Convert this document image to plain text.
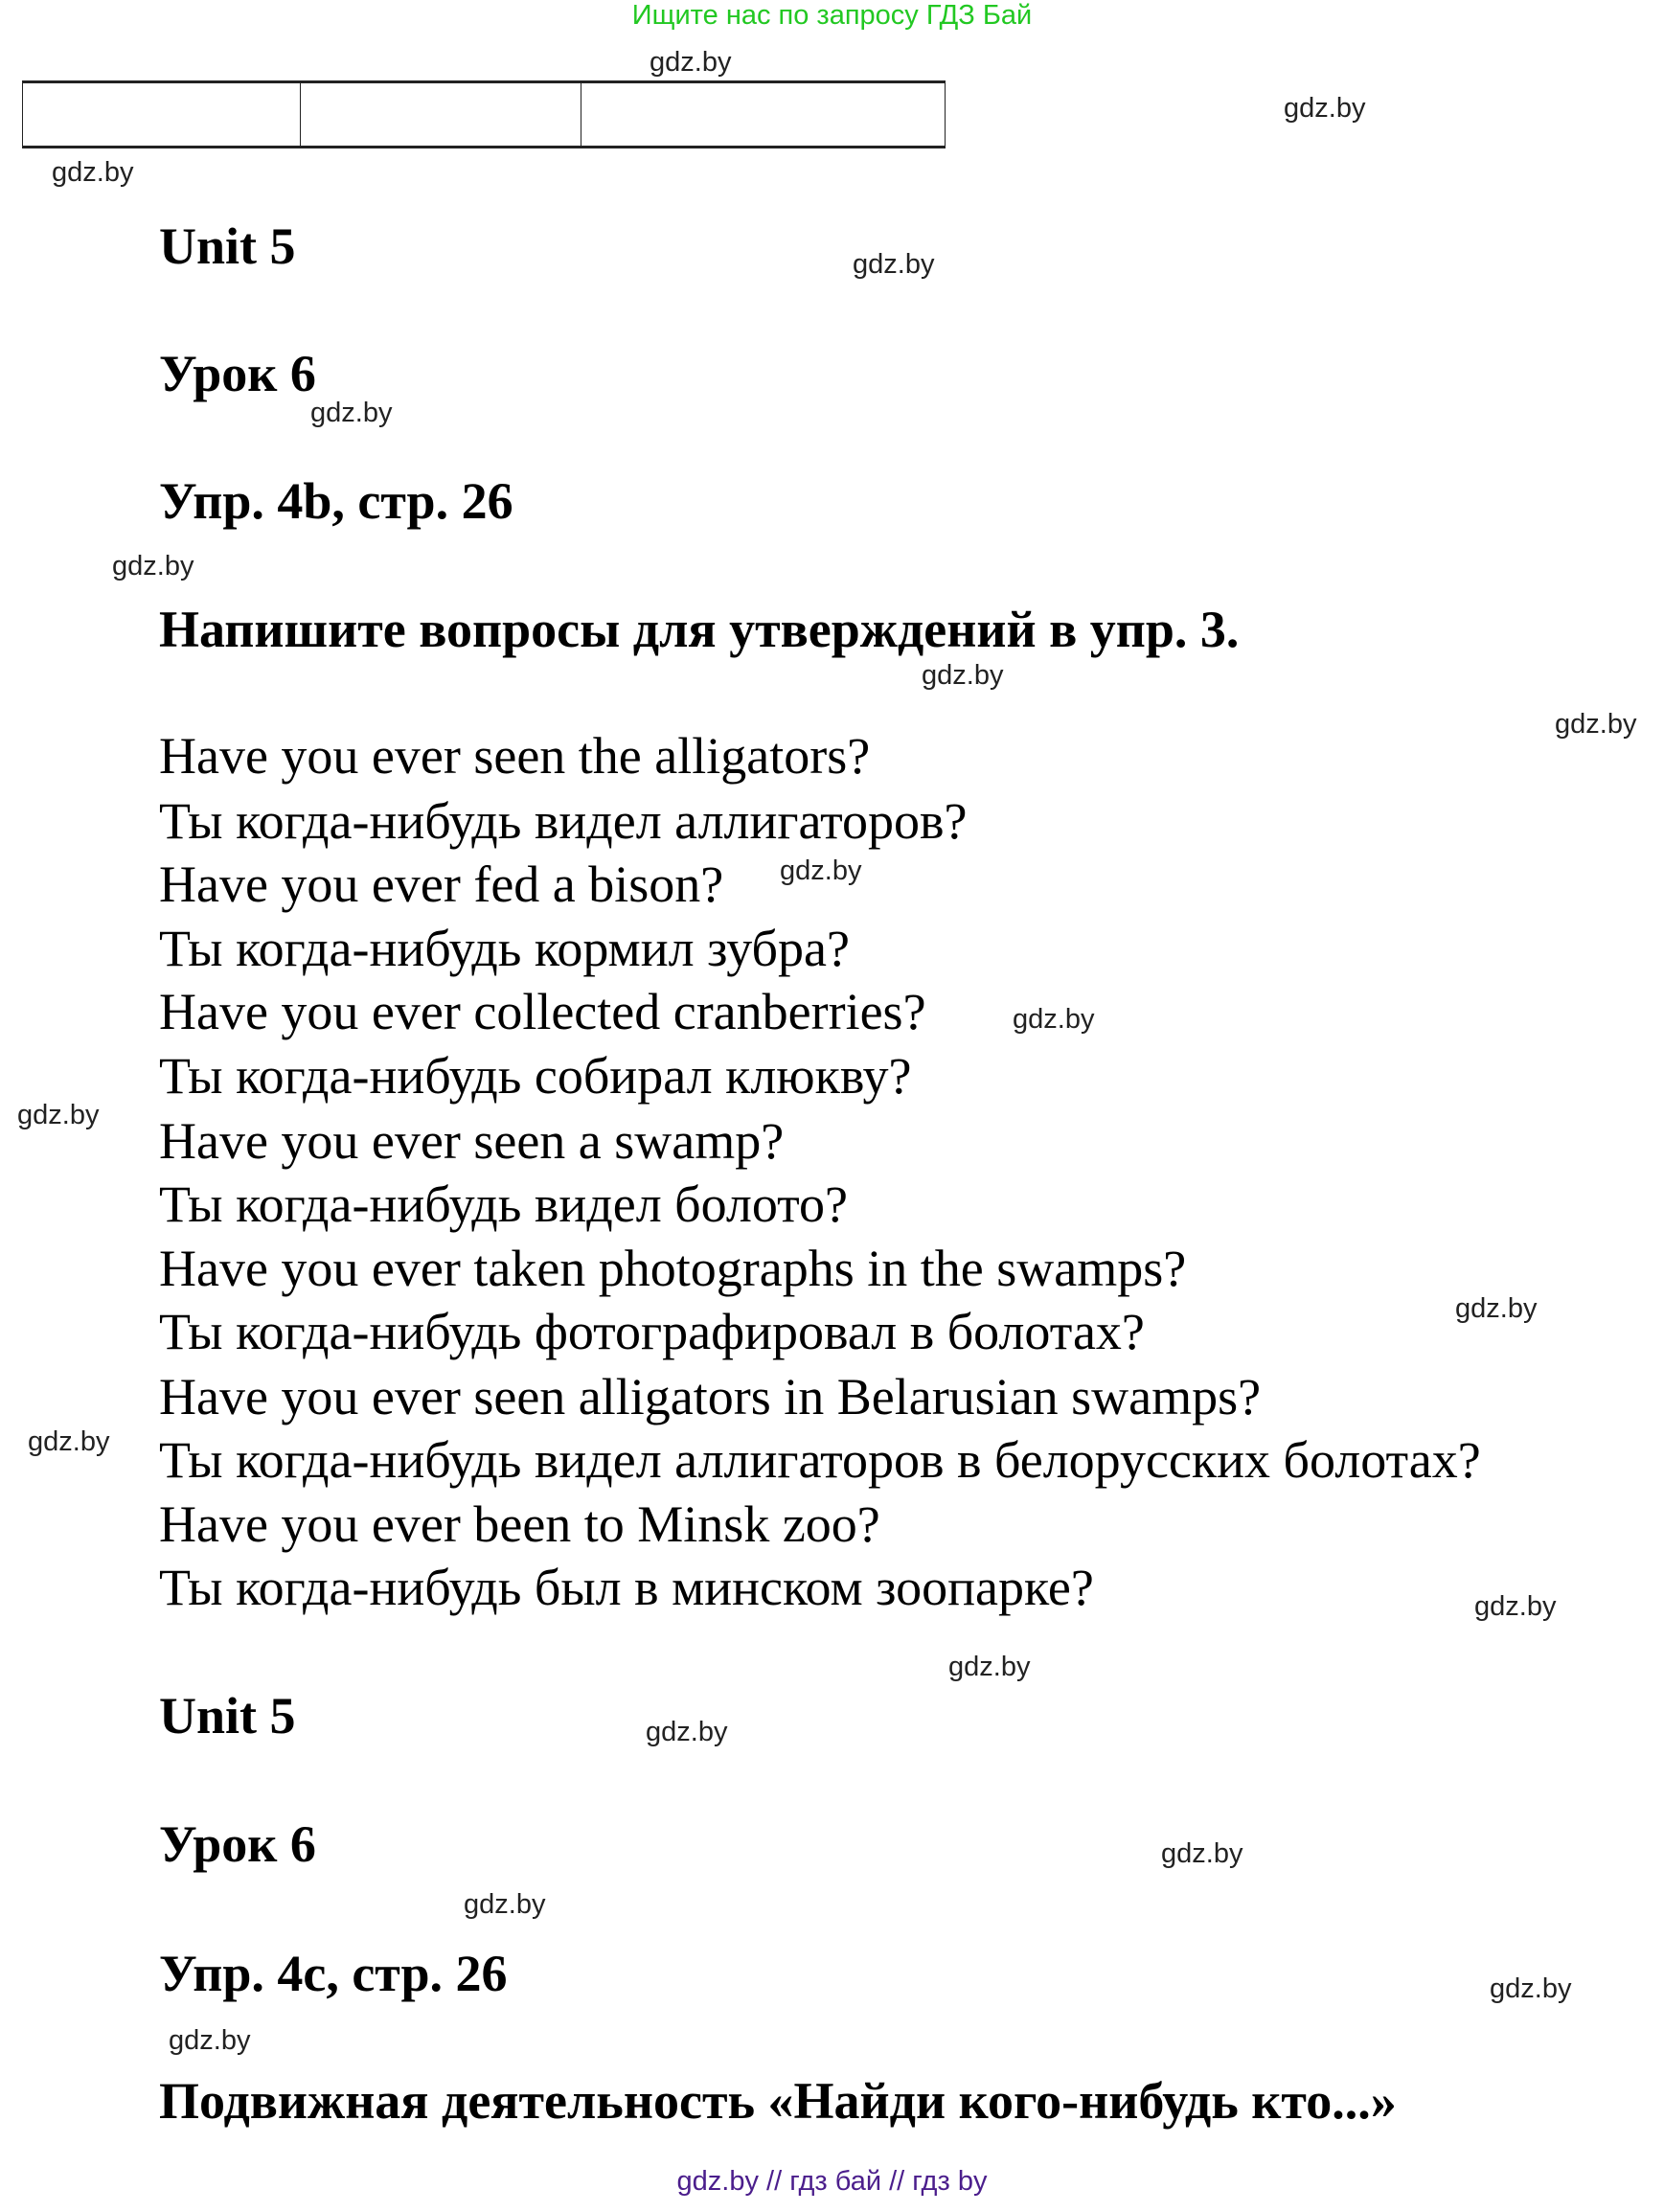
Ищите нас по запросу ГДЗ Бай
gdz.by
gdz.by
gdz.by
gdz.by
gdz.by
gdz.by
gdz.by
gdz.by
gdz.by
gdz.by
gdz.by
gdz.by
gdz.by
gdz.by
gdz.by
gdz.by
gdz.by
gdz.by
gdz.by
gdz.by
Unit 5
Урок 6
Упр. 4b, стр. 26
Напишите вопросы для утверждений в упр. 3.
Have you ever seen the alligators?
Ты когда-нибудь видел аллигаторов?
Have you ever fed a bison?
Ты когда-нибудь кормил зубра?
Have you ever collected cranberries?
Ты когда-нибудь собирал клюкву?
Have you ever seen a swamp?
Ты когда-нибудь видел болото?
Have you ever taken photographs in the swamps?
Ты когда-нибудь фотографировал в болотах?
Have you ever seen alligators in Belarusian swamps?
Ты когда-нибудь видел аллигаторов в белорусских болотах?
Have you ever been to Minsk zoo?
Ты когда-нибудь был в минском зоопарке?
Unit 5
Урок 6
Упр. 4c, стр. 26
Подвижная деятельность «Найди кого-нибудь кто...»
gdz.by // гдз бай // гдз by
